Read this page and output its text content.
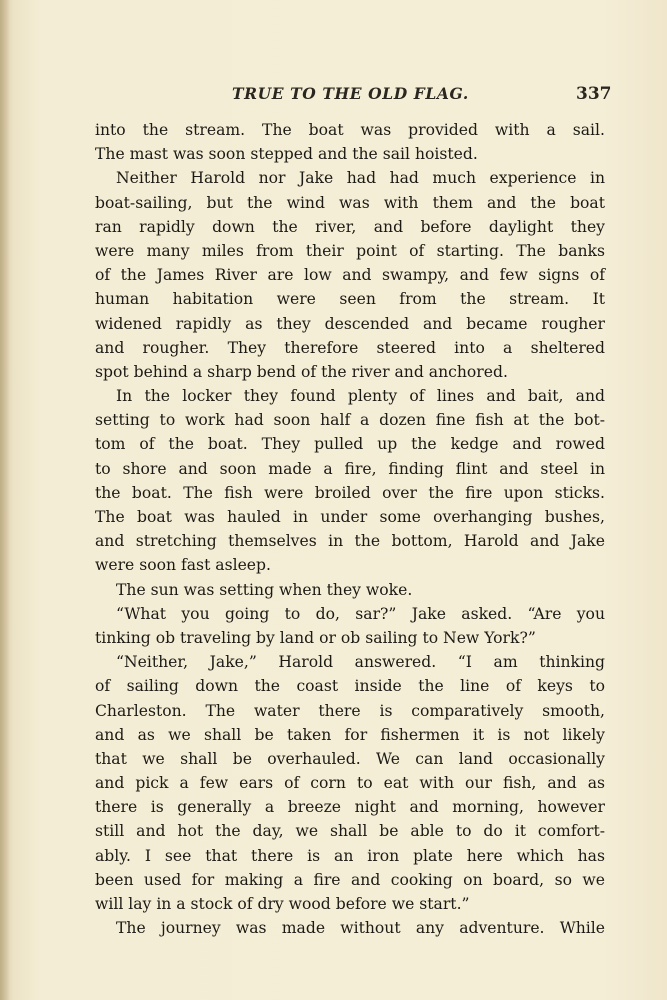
TRUE TO THE OLD FLAG.	337
into the stream. The boat was provided with a sail.
The mast was soon stepped and the sail hoisted.
Neither Harold nor Jake had had much experience in
boat-sailing, but the wind was with them and the boat
ran rapidly down the river, and before daylight they
were many miles from their point of starting. The banks
of the James River are low and swampy, and few signs of
human habitation were seen from the stream. It
widened rapidly as they descended and became rougher
and rougher. They therefore steered into a sheltered
spot behind a sharp bend of the river and anchored.
In the locker they found plenty of lines and bait, and
setting to work had soon half a dozen fine fish at the bot-
tom of the boat. They pulled up the kedge and rowed
to shore and soon made a fire, finding flint and steel in
the boat. The fish were broiled over the fire upon sticks.
The boat was hauled in under some overhanging bushes,
and stretching themselves in the bottom, Harold and Jake
were soon fast asleep.
The sun was setting when they woke.
“What you going to do, sar?” Jake asked. “Are you
tinking ob traveling by land or ob sailing to New York?”
“Neither, Jake,” Harold answered. “I am thinking
of sailing down the coast inside the line of keys to
Charleston. The water there is comparatively smooth,
and as we shall be taken for fishermen it is not likely
that we shall be overhauled. We can land occasionally
and pick a few ears of corn to eat with our fish, and as
there is generally a breeze night and morning, however
still and hot the day, we shall be able to do it comfort-
ably. I see that there is an iron plate here which has
been used for making a fire and cooking on board, so we
will lay in a stock of dry wood before we start.”
The journey was made without any adventure. While
